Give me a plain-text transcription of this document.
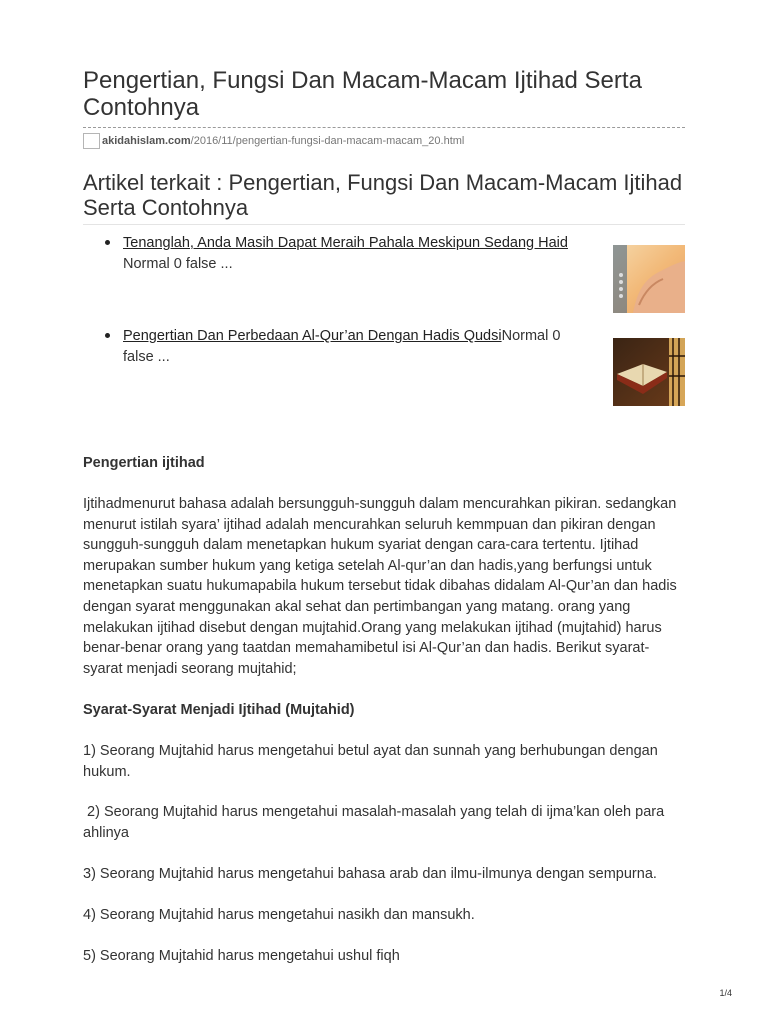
Pengertian, Fungsi Dan Macam-Macam Ijtihad Serta Contohnya
akidahislam.com /2016/11/pengertian-fungsi-dan-macam-macam_20.html
Artikel terkait : Pengertian, Fungsi Dan Macam-Macam Ijtihad Serta Contohnya
Tenanglah, Anda Masih Dapat Meraih Pahala Meskipun Sedang Haid
Normal 0 false ...
Pengertian Dan Perbedaan Al-Qur’an Dengan Hadis QudsiNormal 0
false ...
Pengertian ijtihad
Ijtihadmenurut bahasa adalah bersungguh-sungguh dalam mencurahkan pikiran. sedangkan menurut istilah syara’ ijtihad adalah mencurahkan seluruh kemmpuan dan pikiran dengan sungguh-sungguh dalam menetapkan hukum syariat dengan cara-cara tertentu. Ijtihad merupakan sumber hukum yang ketiga setelah Al-qur’an dan hadis,yang berfungsi untuk menetapkan suatu hukumapabila hukum tersebut tidak dibahas didalam Al-Qur’an dan hadis dengan syarat menggunakan akal sehat dan pertimbangan yang matang. orang yang melakukan ijtihad disebut dengan mujtahid.Orang yang melakukan ijtihad (mujtahid) harus benar-benar orang yang taatdan memahamibetul isi Al-Qur’an dan hadis. Berikut syarat-syarat menjadi seorang mujtahid;
Syarat-Syarat Menjadi Ijtihad (Mujtahid)
1) Seorang Mujtahid harus mengetahui betul ayat dan sunnah yang berhubungan dengan hukum.
2) Seorang Mujtahid harus mengetahui masalah-masalah yang telah di ijma’kan oleh para ahlinya
3) Seorang Mujtahid harus mengetahui bahasa arab dan ilmu-ilmunya dengan sempurna.
4) Seorang Mujtahid harus mengetahui nasikh dan mansukh.
5) Seorang Mujtahid harus mengetahui ushul fiqh
1/4
